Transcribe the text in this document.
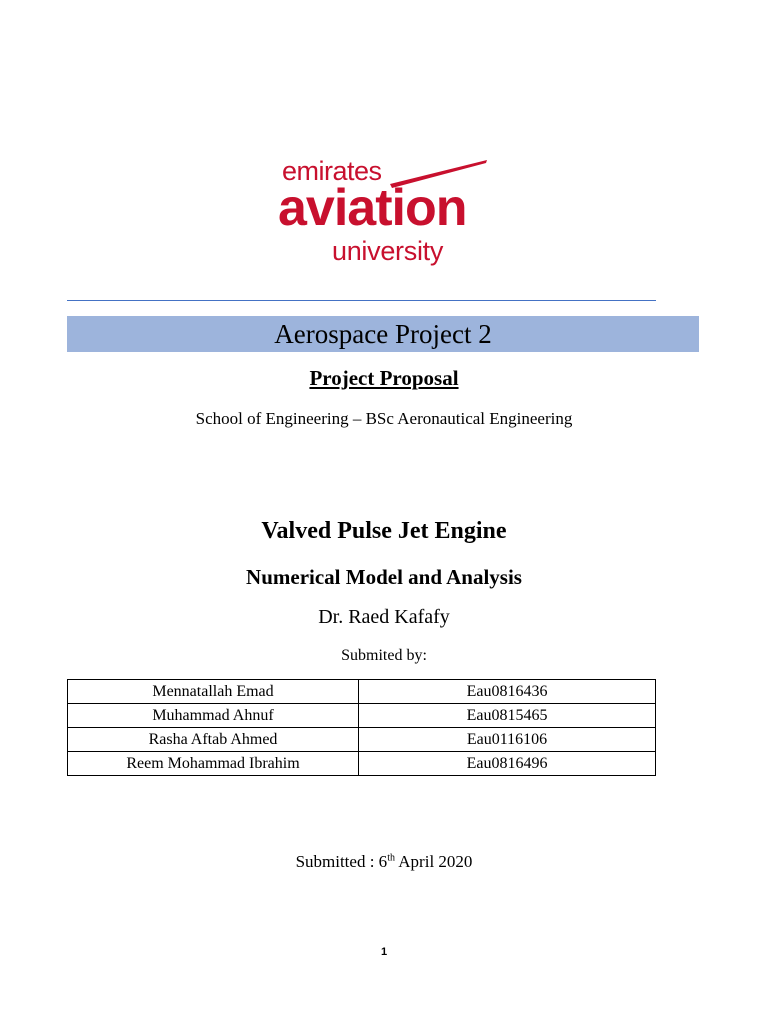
emirates
aviation
university
Aerospace Project 2
Project Proposal
School of Engineering – BSc Aeronautical Engineering
Valved Pulse Jet Engine
Numerical Model and Analysis
Dr. Raed Kafafy
Submited by:
Mennatallah Emad	Eau0816436
Muhammad Ahnuf	Eau0815465
Rasha Aftab Ahmed	Eau0116106
Reem Mohammad Ibrahim	Eau0816496
Submitted : 6th April 2020
1
